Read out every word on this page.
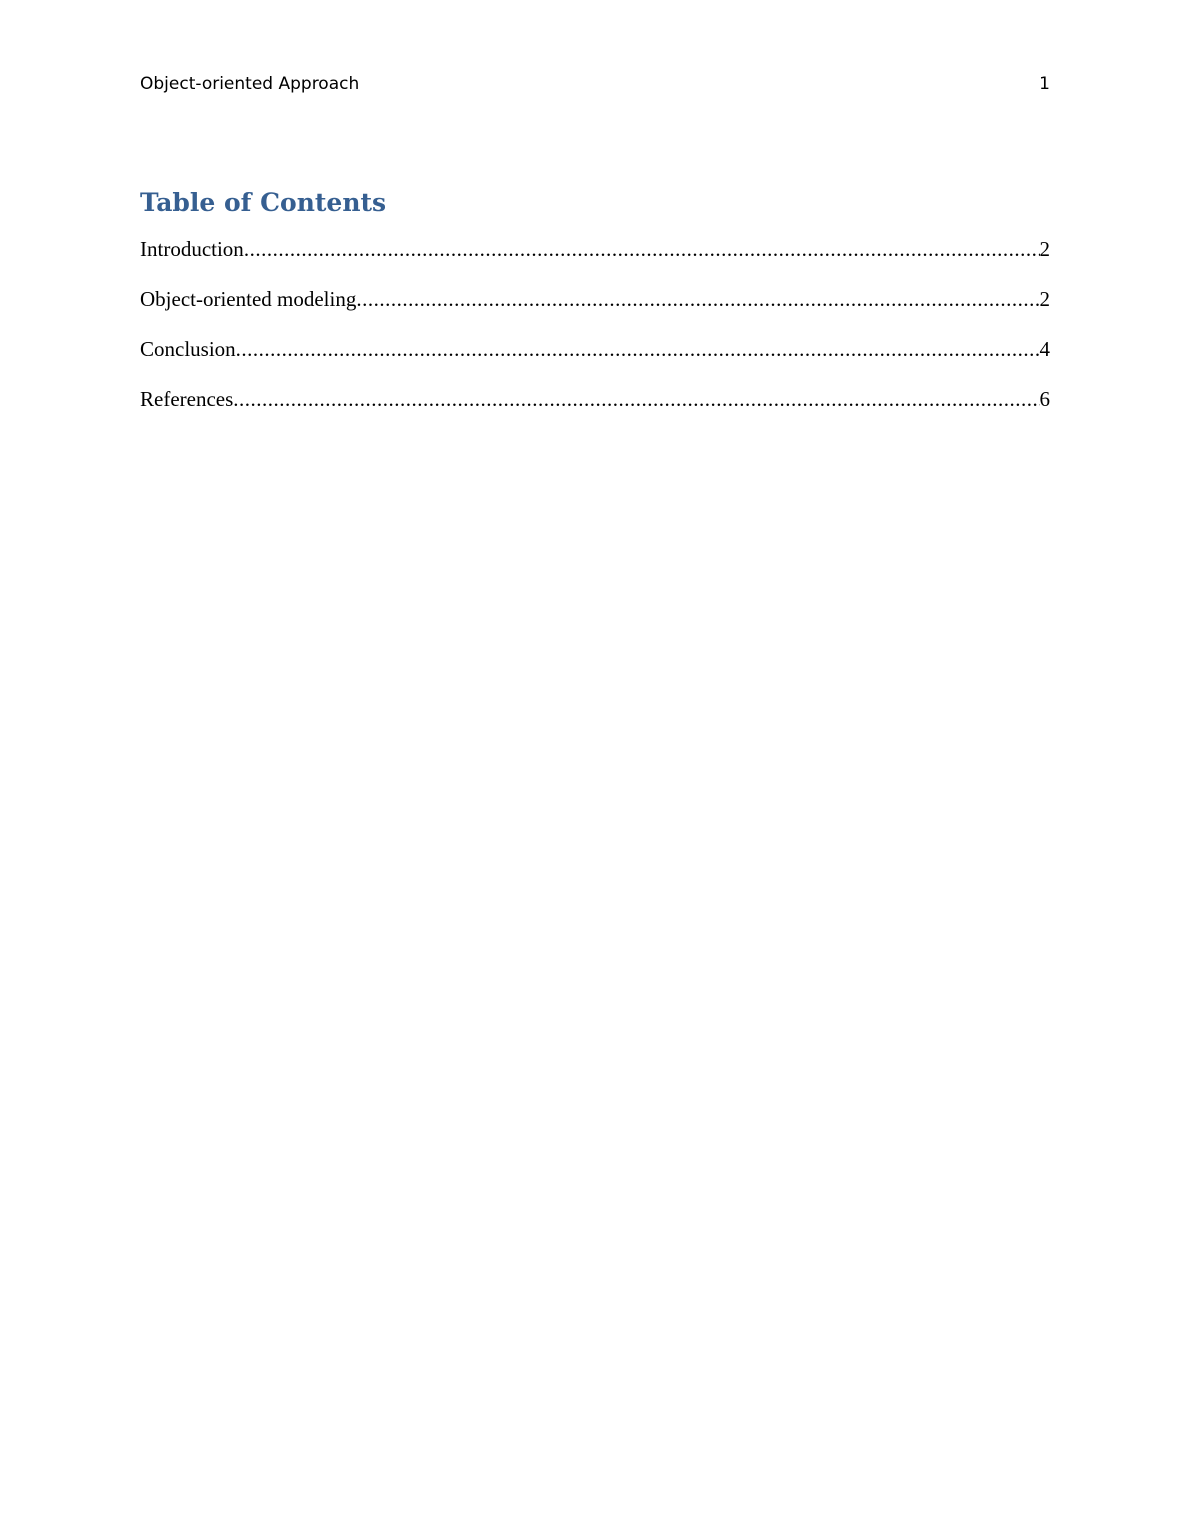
Object-oriented Approach	1
Table of Contents
Introduction .....	2
Object-oriented modeling .....	2
Conclusion .....	4
References .....	6
